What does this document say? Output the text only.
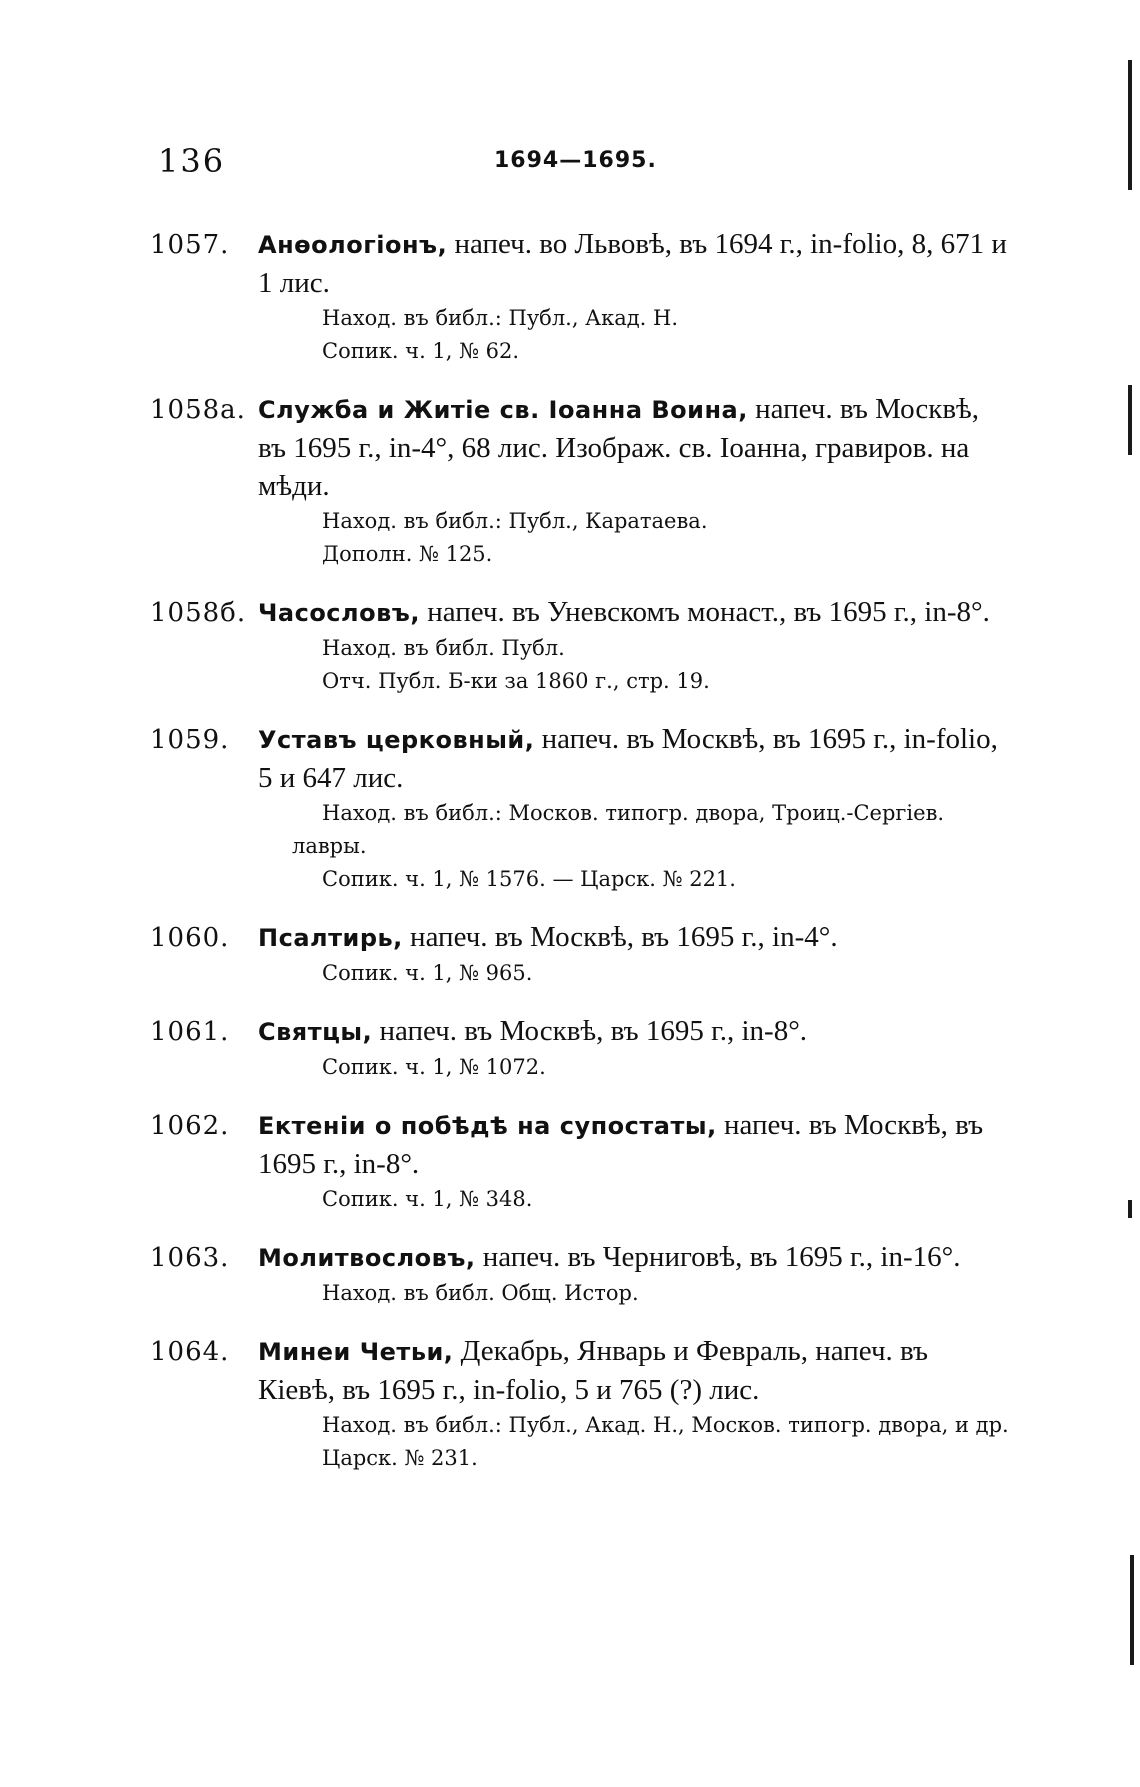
136	1694—1695.
1057. Анѳологіонъ, напеч. во Львовѣ, въ 1694 г., in-folio, 8, 671 и 1 лис.
Наход. въ библ.: Публ., Акад. Н.
Сопик. ч. 1, № 62.
1058а. Служба и Житіе св. Іоанна Воина, напеч. въ Москвѣ, въ 1695 г., in-4°, 68 лис. Изображ. св. Іоанна, гравиров. на мѣди.
Наход. въ библ.: Публ., Каратаева.
Дополн. № 125.
1058б. Часословъ, напеч. въ Уневскомъ монаст., въ 1695 г., in-8°.
Наход. въ библ. Публ.
Отч. Публ. Б-ки за 1860 г., стр. 19.
1059. Уставъ церковный, напеч. въ Москвѣ, въ 1695 г., in-folio, 5 и 647 лис.
Наход. въ библ.: Москов. типогр. двора, Троиц.-Сергіев. лавры.
Сопик. ч. 1, № 1576. — Царск. № 221.
1060. Псалтирь, напеч. въ Москвѣ, въ 1695 г., in-4°.
Сопик. ч. 1, № 965.
1061. Святцы, напеч. въ Москвѣ, въ 1695 г., in-8°.
Сопик. ч. 1, № 1072.
1062. Ектеніи о побѣдѣ на супостаты, напеч. въ Москвѣ, въ 1695 г., in-8°.
Сопик. ч. 1, № 348.
1063. Молитвословъ, напеч. въ Черниговѣ, въ 1695 г., in-16°.
Наход. въ библ. Общ. Истор.
1064. Минеи Четьи, Декабрь, Январь и Февраль, напеч. въ Кіевѣ, въ 1695 г., in-folio, 5 и 765 (?) лис.
Наход. въ библ.: Публ., Акад. Н., Москов. типогр. двора, и др.
Царск. № 231.
